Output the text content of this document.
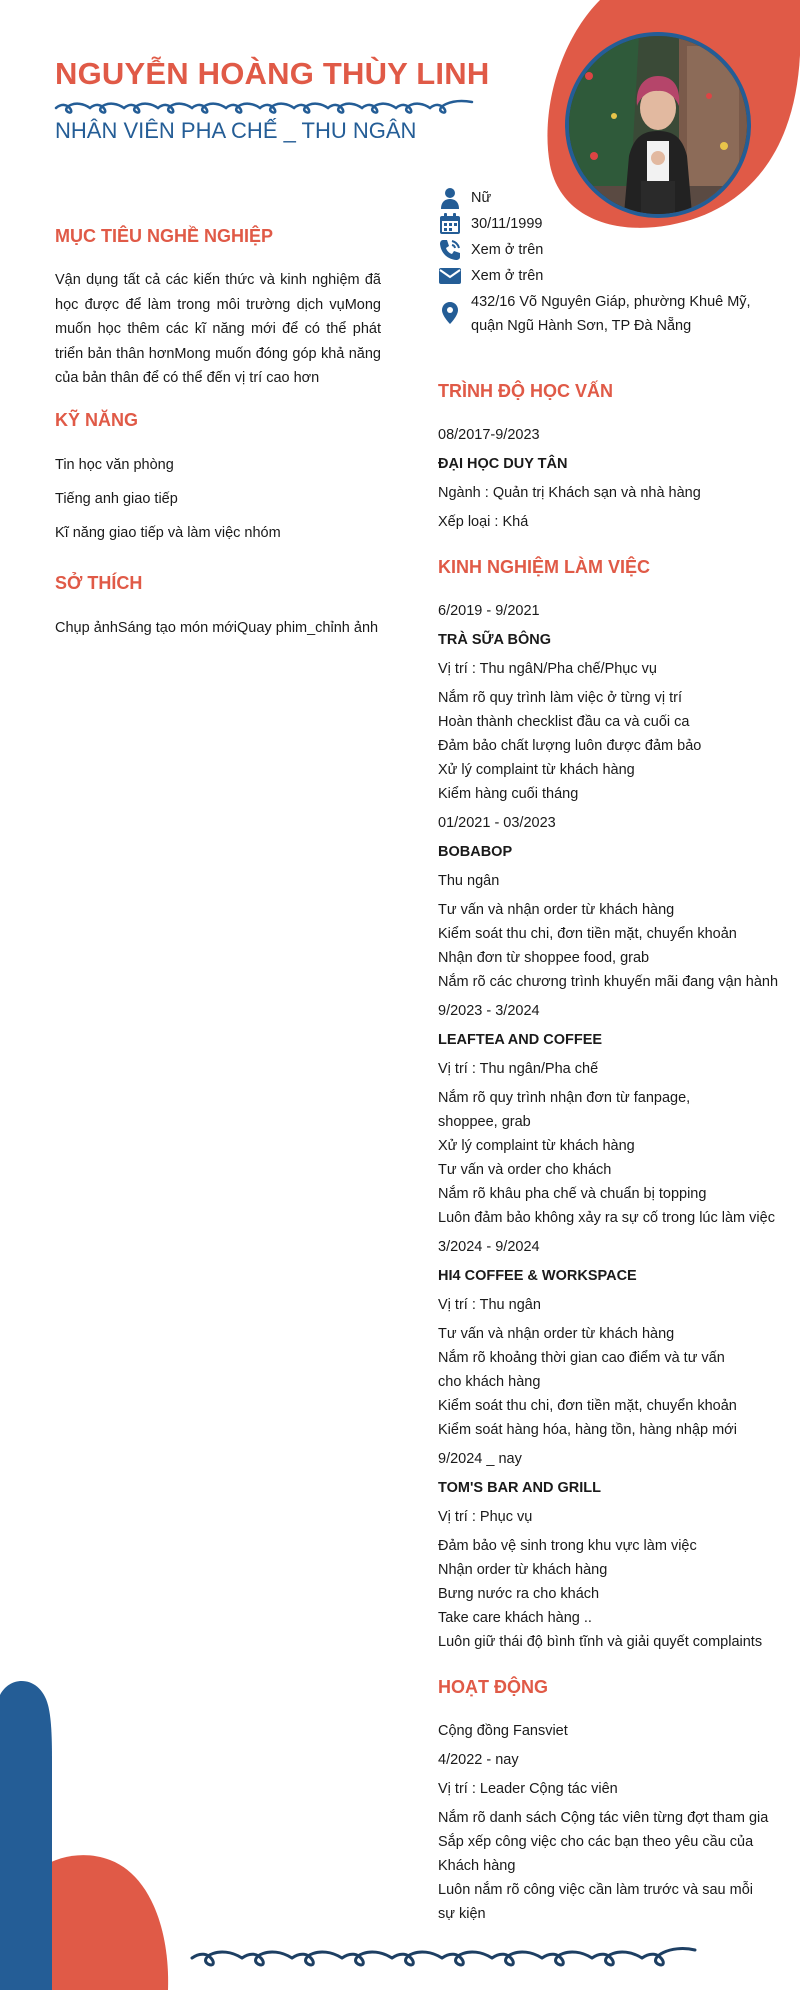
NGUYỄN HOÀNG THÙY LINH
NHÂN VIÊN PHA CHẾ _ THU NGÂN
Nữ
30/11/1999
Xem ở trên
Xem ở trên
432/16 Võ Nguyên Giáp, phường Khuê Mỹ, quận Ngũ Hành Sơn, TP Đà Nẵng
TRÌNH ĐỘ HỌC VẤN
08/2017-9/2023
ĐẠI HỌC DUY TÂN
Ngành : Quản trị Khách sạn và nhà hàng
Xếp loại : Khá
KINH NGHIỆM LÀM VIỆC
6/2019 - 9/2021
TRÀ SỮA BÔNG
Vị trí : Thu ngâN/Pha chế/Phục vụ
Nắm rõ quy trình làm việc ở từng vị trí
Hoàn thành checklist đầu ca và cuối ca
Đảm bảo chất lượng luôn được đảm bảo
Xử lý complaint từ khách hàng
Kiểm hàng cuối tháng
01/2021 - 03/2023
BOBABOP
Thu ngân
Tư vấn và nhận order từ khách hàng
Kiểm soát thu chi, đơn tiền mặt, chuyển khoản
Nhận đơn từ shoppee food, grab
Nắm rõ các chương trình khuyến mãi đang vận hành
9/2023 - 3/2024
LEAFTEA AND COFFEE
Vị trí : Thu ngân/Pha chế
Nắm rõ quy trình nhận đơn từ fanpage, shoppee, grab
Xử lý complaint từ khách hàng
Tư vấn và order cho khách
Nắm rõ khâu pha chế và chuẩn bị topping
Luôn đảm bảo không xảy ra sự cố trong lúc làm việc
3/2024 - 9/2024
HI4 COFFEE & WORKSPACE
Vị trí : Thu ngân
Tư vấn và nhận order từ khách hàng
Nắm rõ khoảng thời gian cao điểm và tư vấn cho khách hàng
Kiểm soát thu chi, đơn tiền mặt, chuyển khoản
Kiểm soát hàng hóa, hàng tồn, hàng nhập mới
9/2024 _ nay
TOM'S BAR AND GRILL
Vị trí : Phục vụ
Đảm bảo vệ sinh trong khu vực làm việc
Nhận order từ khách hàng
Bưng nước ra cho khách
Take care khách hàng ..
Luôn giữ thái độ bình tĩnh và giải quyết complaints
HOẠT ĐỘNG
Cộng đồng Fansviet
4/2022 - nay
Vị trí : Leader Cộng tác viên
Nắm rõ danh sách Cộng tác viên từng đợt tham gia
Sắp xếp công việc cho các bạn theo yêu cầu của Khách hàng
Luôn nắm rõ công việc cần làm trước và sau mỗi sự kiện
MỤC TIÊU NGHỀ NGHIỆP
Vận dụng tất cả các kiến thức và kinh nghiệm đã học được để làm trong môi trường dịch vụMong muốn học thêm các kĩ năng mới để có thể phát triển bản thân hơnMong muốn đóng góp khả năng của bản thân để có thể đến vị trí cao hơn
KỸ NĂNG
Tin học văn phòng
Tiếng anh giao tiếp
Kĩ năng giao tiếp và làm việc nhóm
SỞ THÍCH
Chụp ảnhSáng tạo món mớiQuay phim_chỉnh ảnh
